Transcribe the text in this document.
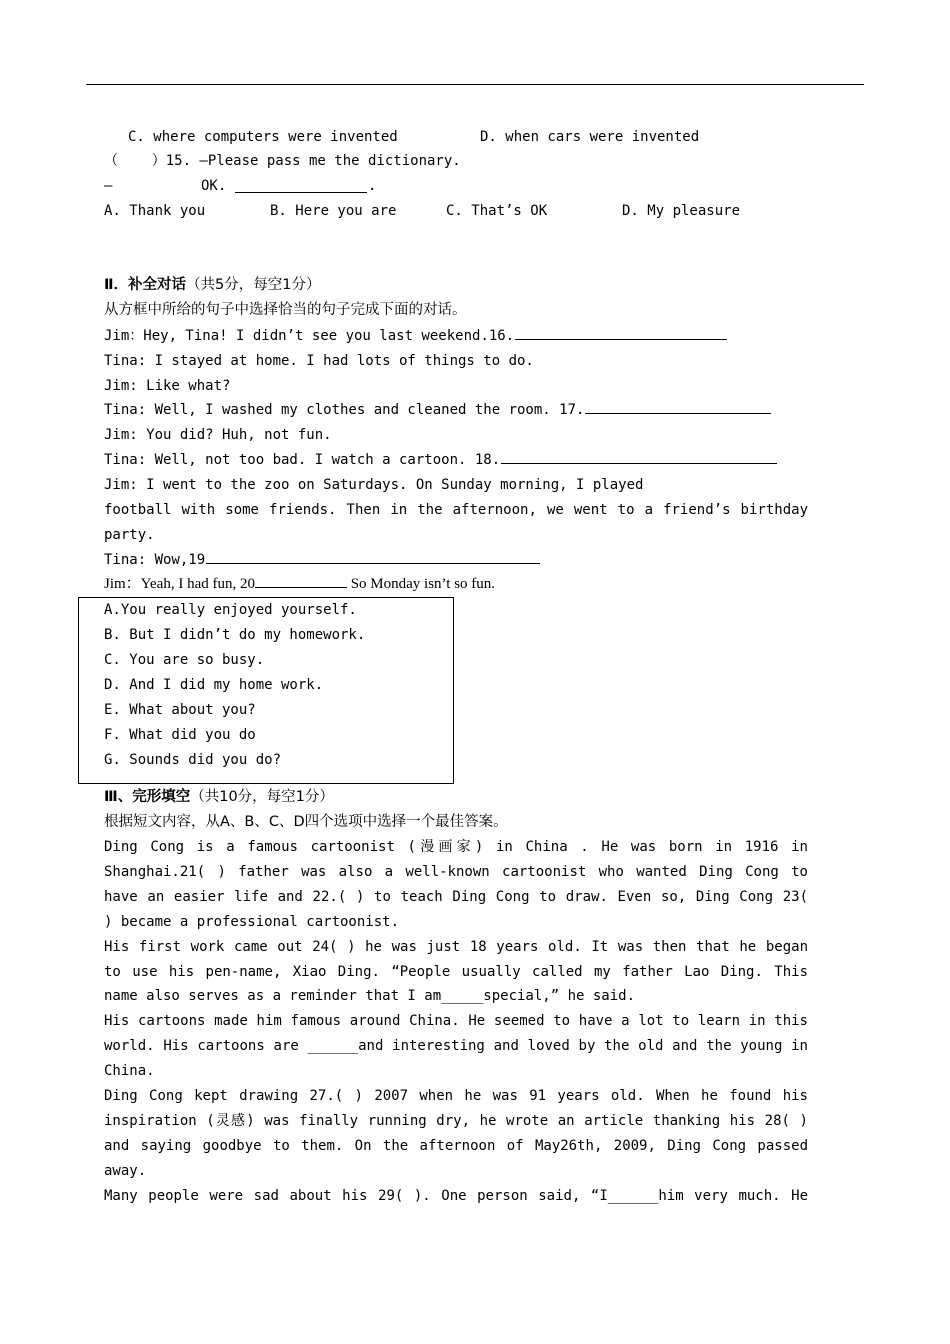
C. where computers were invented	D. when cars were invented
（    ）15. —Please pass me the dictionary.
—	OK.	.
A. Thank you	B. Here you are	C. That’s OK	D. My pleasure
Ⅱ．补全对话（共5分，每空1分）
从方框中所给的句子中选择恰当的句子完成下面的对话。
Jim：Hey, Tina! I didn’t see you last weekend.16.
Tina: I stayed at home. I had lots of things to do.
Jim: Like what?
Tina: Well, I washed my clothes and cleaned the room. 17.
Jim: You did? Huh, not fun.
Tina: Well, not too bad. I watch a cartoon. 18.
Jim: I went to the zoo on Saturdays. On Sunday morning, I played
football with some friends. Then in the afternoon, we went to a friend’s birthday
party.
Tina: Wow,19
Jim：Yeah, I had fun, 20	So Monday isn’t so fun.
A.You really enjoyed yourself.
B. But I didn’t do my homework.
C. You are so busy.
D. And I did my home work.
E. What about you?
F. What did you do
G. Sounds did you do?
Ⅲ、完形填空（共10分，每空1分）
根据短文内容，从A、B、C、D四个选项中选择一个最佳答案。
Ding Cong is a famous cartoonist (漫画家) in China . He was born in 1916 in
Shanghai.21( ) father was also a well-known cartoonist who wanted Ding Cong to
have an easier life and 22.( ) to teach Ding Cong to draw. Even so, Ding Cong 23(
) became a professional cartoonist.
His first work came out 24( ) he was just 18 years old. It was then that he began
to use his pen-name, Xiao Ding. “People usually called my father Lao Ding. This
name also serves as a reminder that I am_____special,” he said.
His cartoons made him famous around China. He seemed to have a lot to learn in this
world. His cartoons are ______and interesting and loved by the old and the young in
China.
Ding Cong kept drawing 27.( ) 2007 when he was 91 years old. When he found his
inspiration (灵感) was finally running dry, he wrote an article thanking his 28( )
and saying goodbye to them. On the afternoon of May26th, 2009, Ding Cong passed
away.
Many people were sad about his 29( ). One person said, “I______him very much. He
